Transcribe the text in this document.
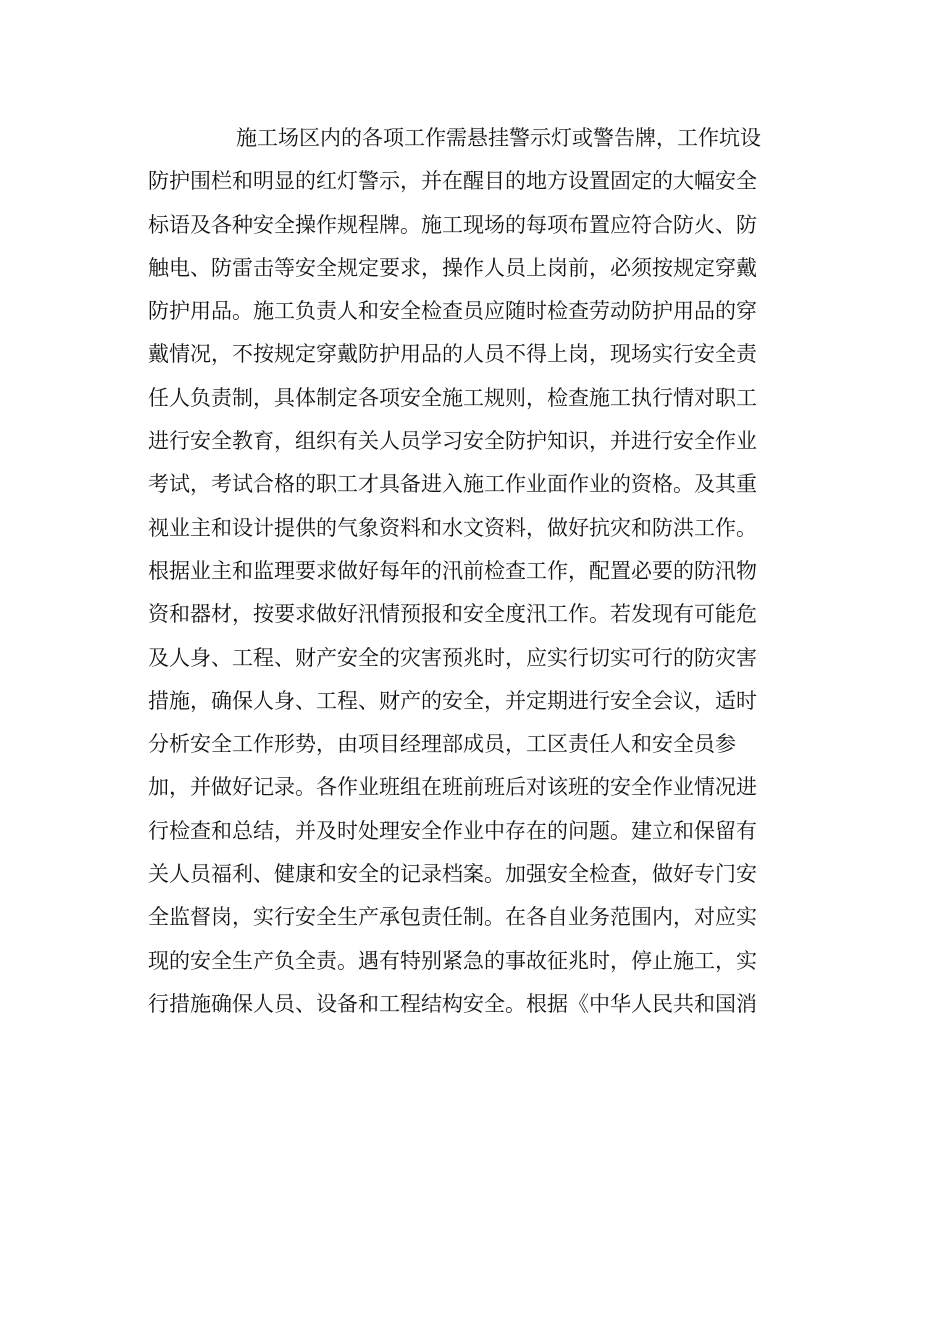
施工场区内的各项工作需悬挂警示灯或警告牌，工作坑设
防护围栏和明显的红灯警示，并在醒目的地方设置固定的大幅安全
标语及各种安全操作规程牌。施工现场的每项布置应符合防火、防
触电、防雷击等安全规定要求，操作人员上岗前，必须按规定穿戴
防护用品。施工负责人和安全检查员应随时检查劳动防护用品的穿
戴情况，不按规定穿戴防护用品的人员不得上岗，现场实行安全责
任人负责制，具体制定各项安全施工规则，检查施工执行情对职工
进行安全教育，组织有关人员学习安全防护知识，并进行安全作业
考试，考试合格的职工才具备进入施工作业面作业的资格。及其重
视业主和设计提供的气象资料和水文资料，做好抗灾和防洪工作。
根据业主和监理要求做好每年的汛前检查工作，配置必要的防汛物
资和器材，按要求做好汛情预报和安全度汛工作。若发现有可能危
及人身、工程、财产安全的灾害预兆时，应实行切实可行的防灾害
措施，确保人身、工程、财产的安全，并定期进行安全会议，适时
分析安全工作形势，由项目经理部成员，工区责任人和安全员参
加，并做好记录。各作业班组在班前班后对该班的安全作业情况进
行检查和总结，并及时处理安全作业中存在的问题。建立和保留有
关人员福利、健康和安全的记录档案。加强安全检查，做好专门安
全监督岗，实行安全生产承包责任制。在各自业务范围内，对应实
现的安全生产负全责。遇有特别紧急的事故征兆时，停止施工，实
行措施确保人员、设备和工程结构安全。根据《中华人民共和国消
